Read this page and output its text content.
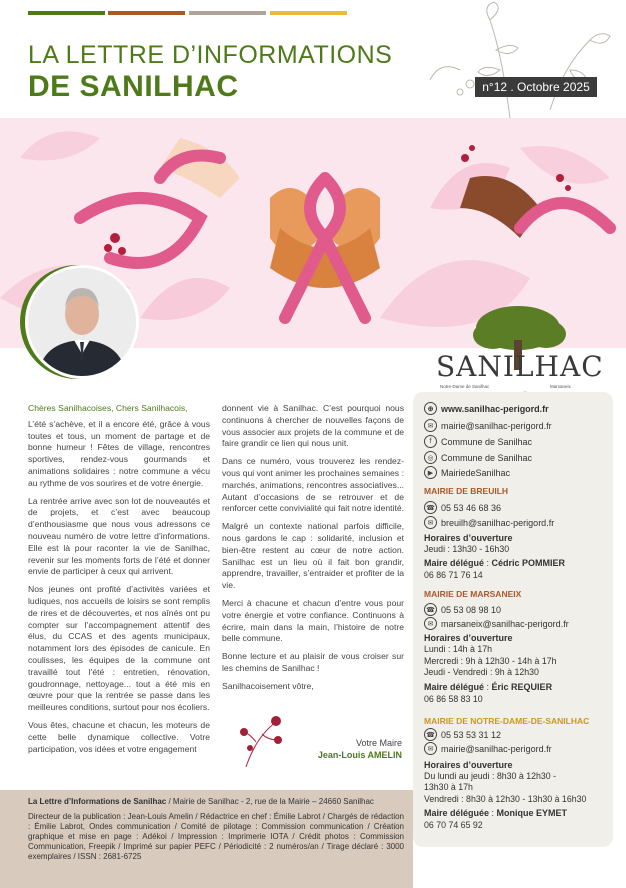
LA LETTRE D’INFORMATIONS
DE SANILHAC	n°12 . Octobre 2025
SANILHAC
Notre-Dame de Sanilhac	Marsaneix

Chères Sanilhacoises, Chers Sanilhacois,

L’été s’achève, et il a encore été, grâce à vous toutes et tous, un moment de partage et de bonne humeur ! Fêtes de village, rencontres sportives, rendez-vous gourmands et animations solidaires : notre commune a vécu au rythme de vos sourires et de votre énergie.

La rentrée arrive avec son lot de nouveautés et de projets, et c’est avec beaucoup d’enthousiasme que nous vous adressons ce nouveau numéro de votre lettre d’informations. Elle est là pour raconter la vie de Sanilhac, revenir sur les moments forts de l’été et donner envie de participer à ceux qui arrivent.

Nos jeunes ont profité d’activités variées et ludiques, nos accueils de loisirs se sont remplis de rires et de découvertes, et nos aînés ont pu compter sur l’accompagnement attentif des élus, du CCAS et des agents municipaux, notamment lors des épisodes de canicule. En coulisses, les équipes de la commune ont travaillé tout l’été : entretien, rénovation, goudronnage, nettoyage... tout a été mis en œuvre pour que la rentrée se passe dans les meilleures conditions, surtout pour nos écoliers.

Vous êtes, chacune et chacun, les moteurs de cette belle dynamique collective. Votre participation, vos idées et votre engagement

donnent vie à Sanilhac. C’est pourquoi nous continuons à chercher de nouvelles façons de vous associer aux projets de la commune et de faire grandir ce lien qui nous unit.

Dans ce numéro, vous trouverez les rendez-vous qui vont animer les prochaines semaines : marchés, animations, rencontres associatives... Autant d’occasions de se retrouver et de renforcer cette convivialité qui fait notre identité.

Malgré un contexte national parfois difficile, nous gardons le cap : solidarité, inclusion et bien-être restent au cœur de notre action. Sanilhac est un lieu où il fait bon grandir, apprendre, travailler, s’entraider et profiter de la vie.

Merci à chacune et chacun d’entre vous pour votre énergie et votre confiance. Continuons à écrire, main dans la main, l’histoire de notre belle commune.

Bonne lecture et au plaisir de vous croiser sur les chemins de Sanilhac !

Sanilhacoisement vôtre,

Votre Maire
Jean-Louis AMELIN
⊕ www.sanilhac-perigord.fr
✉ mairie@sanilhac-perigord.fr
f	Commune de Sanilhac
◎ Commune de Sanilhac
▶ MairiedeSanilhac
MAIRIE DE BREUILH
☎ 05 53 46 68 36
✉ breuilh@sanilhac-perigord.fr
Horaires d’ouverture
Jeudi : 13h30 - 16h30
Maire délégué : Cédric POMMIER
06 86 71 76 14
MAIRIE DE MARSANEIX
☎ 05 53 08 98 10
✉ marsaneix@sanilhac-perigord.fr
Horaires d’ouverture
Lundi : 14h à 17h
Mercredi : 9h à 12h30 - 14h à 17h
Jeudi - Vendredi : 9h à 12h30
Maire délégué : Éric REQUIER
06 86 58 83 10
MAIRIE DE NOTRE-DAME-DE-SANILHAC
☎ 05 53 53 31 12
✉ mairie@sanilhac-perigord.fr
Horaires d’ouverture
Du lundi au jeudi : 8h30 à 12h30 -
13h30 à 17h
Vendredi : 8h30 à 12h30 - 13h30 à 16h30
Maire déléguée : Monique EYMET
06 70 74 65 92
La Lettre d’Informations de Sanilhac / Mairie de Sanilhac - 2, rue de la Mairie – 24660 Sanilhac
Directeur de la publication : Jean-Louis Amelin / Rédactrice en chef : Émilie Labrot / Chargés de rédaction : Émilie Labrot, Ondes communication / Comité de pilotage : Commission communication / Création graphique et mise en page : Adékoi / Impression : Imprimerie IOTA / Crédit photos : Commission Communication, Freepik / Imprimé sur papier PEFC / Périodicité : 2 numéros/an / Tirage déclaré : 3000 exemplaires / ISSN : 2681-6725
